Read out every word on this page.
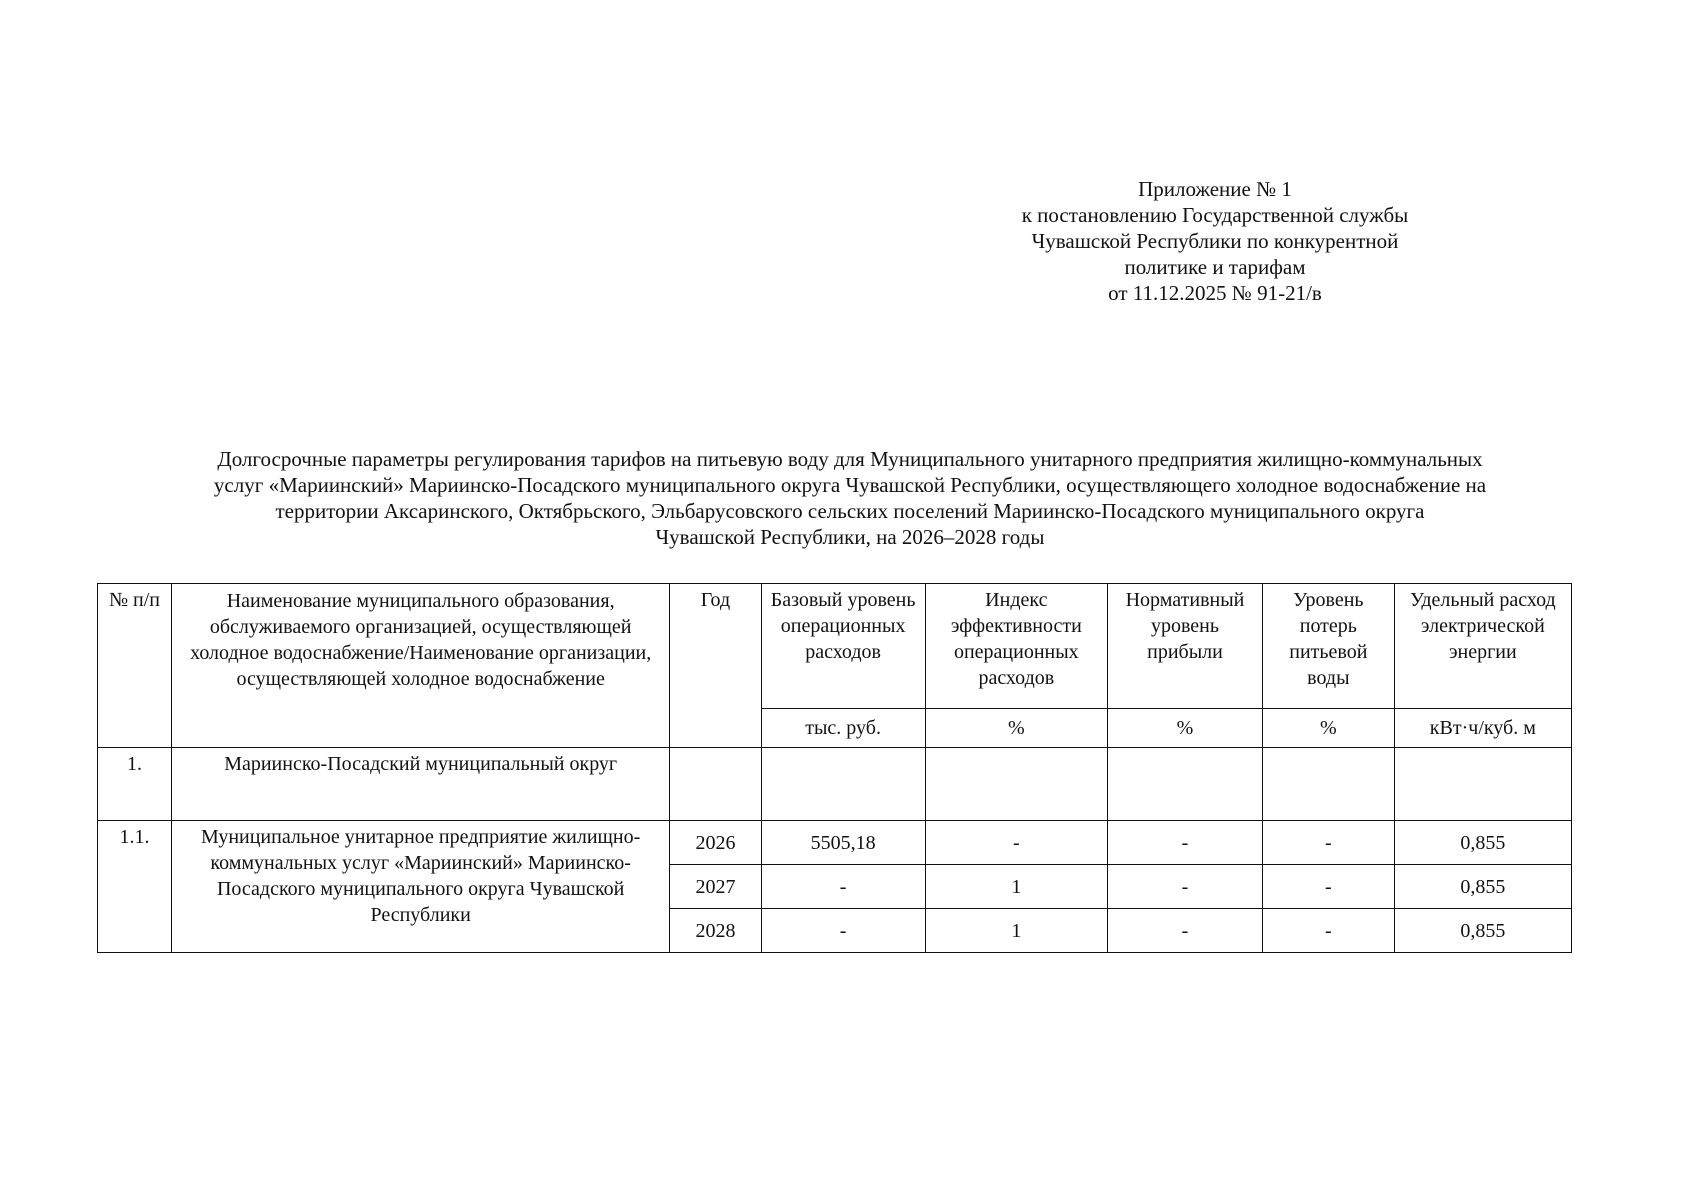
Приложение № 1
к постановлению Государственной службы
Чувашской Республики по конкурентной
политике и тарифам
от 11.12.2025 № 91-21/в
Долгосрочные параметры регулирования тарифов на питьевую воду для Муниципального унитарного предприятия жилищно-коммунальных
услуг «Мариинский» Мариинско-Посадского муниципального округа Чувашской Республики, осуществляющего холодное водоснабжение на
территории Аксаринского, Октябрьского, Эльбарусовского сельских поселений Мариинско-Посадского муниципального округа
Чувашской Республики, на 2026–2028 годы
№ п/п	Наименование муниципального образования, обслуживаемого организацией, осуществляющей холодное водоснабжение/Наименование организации, осуществляющей холодное водоснабжение	Год	Базовый уровень операционных расходов	Индекс эффективности операционных расходов	Нормативный уровень прибыли	Уровень потерь питьевой воды	Удельный расход электрической энергии
			тыс. руб.	%	%	%	кВт·ч/куб. м
1.	Мариинско-Посадский муниципальный округ						
1.1.	Муниципальное унитарное предприятие жилищно-коммунальных услуг «Мариинский» Мариинско-Посадского муниципального округа Чувашской Республики	2026	5505,18	-	-	-	0,855
		2027	-	1	-	-	0,855
		2028	-	1	-	-	0,855
